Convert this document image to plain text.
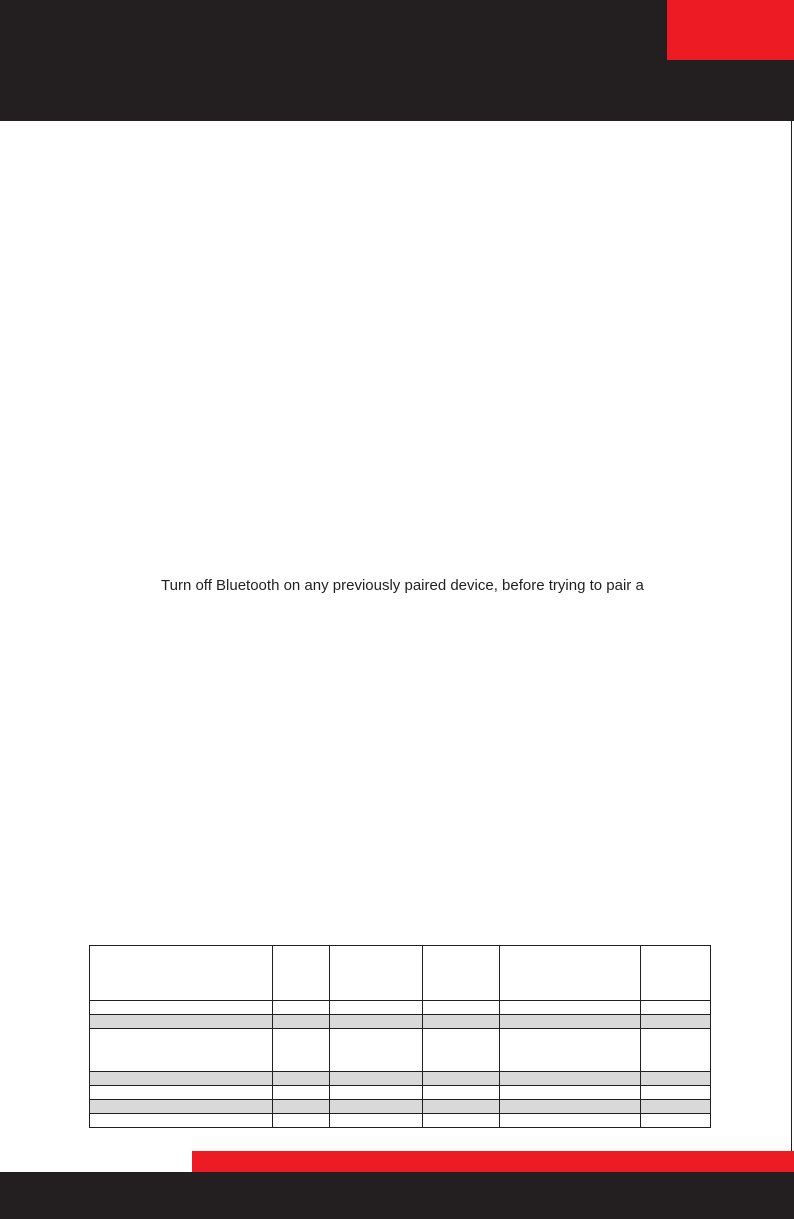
Turn off Bluetooth on any previously paired device, before trying to pair a
